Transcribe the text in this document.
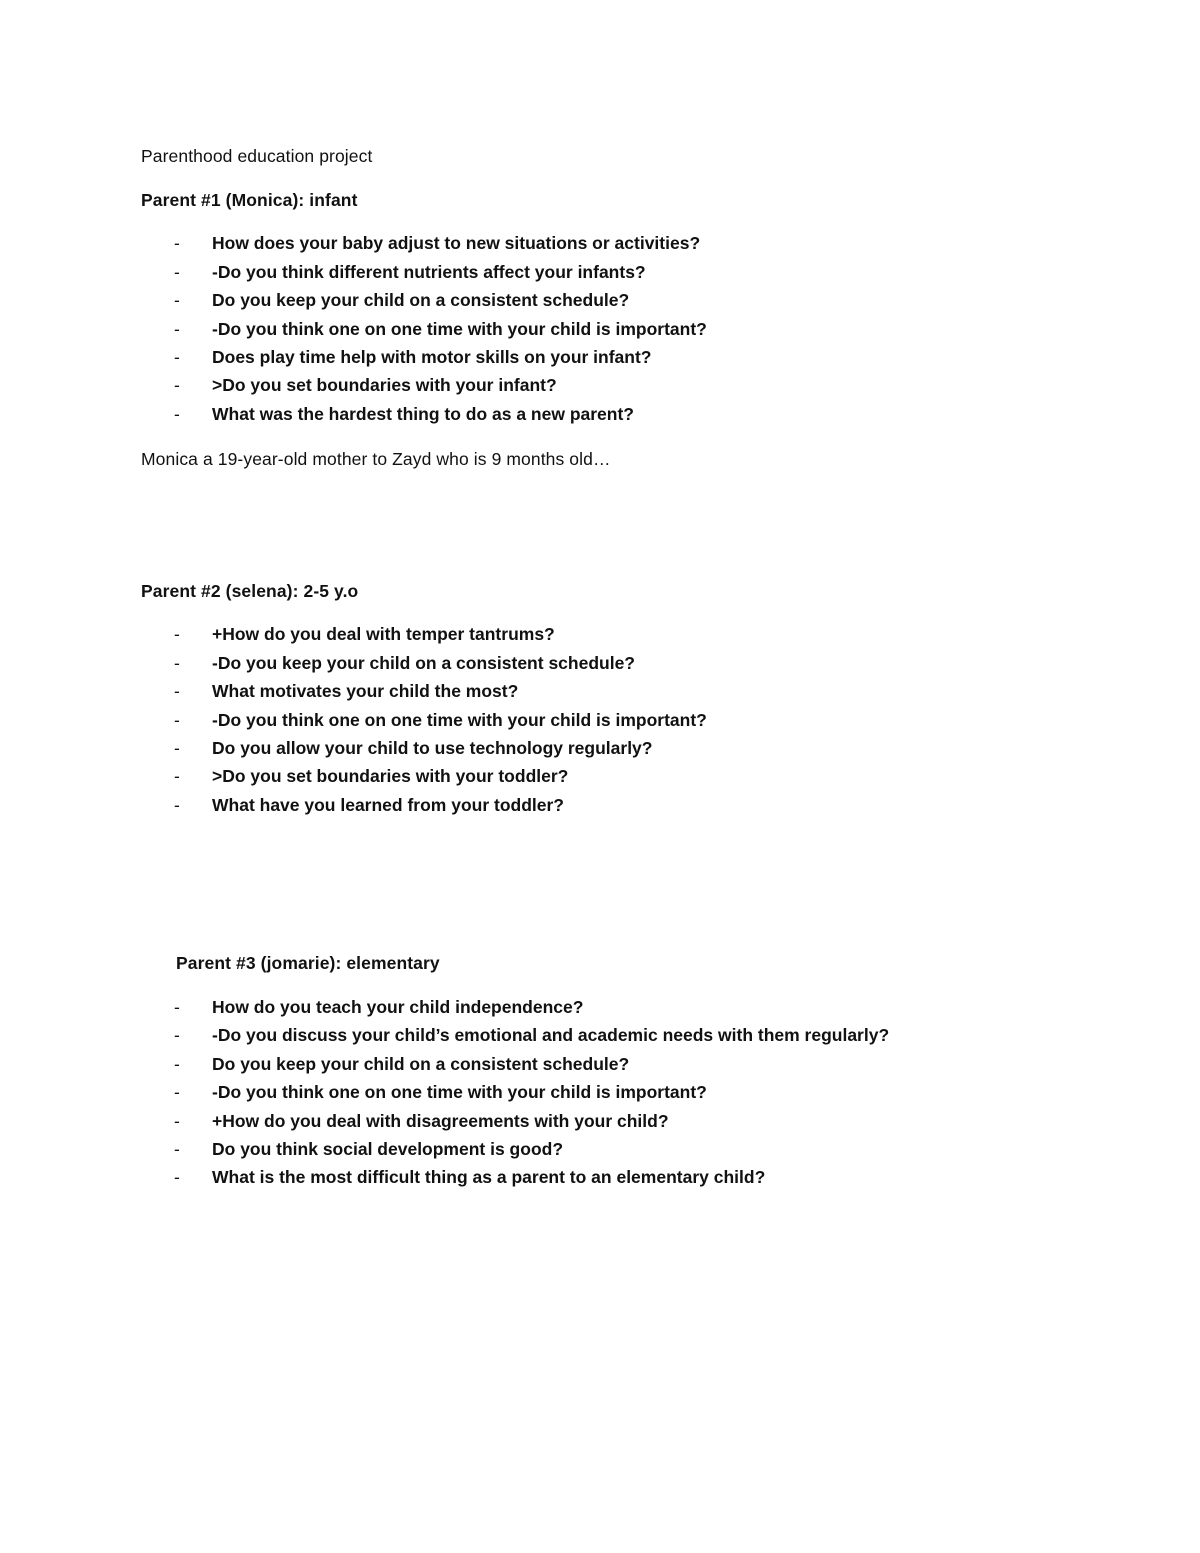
Parenthood education project
Parent #1 (Monica): infant
- How does your baby adjust to new situations or activities?
- -Do you think different nutrients affect your infants?
- Do you keep your child on a consistent schedule?
- -Do you think one on one time with your child is important?
- Does play time help with motor skills on your infant?
- >Do you set boundaries with your infant?
- What was the hardest thing to do as a new parent?
Monica a 19-year-old mother to Zayd who is 9 months old…
Parent #2 (selena): 2-5 y.o
- +How do you deal with temper tantrums?
- -Do you keep your child on a consistent schedule?
- What motivates your child the most?
- -Do you think one on one time with your child is important?
- Do you allow your child to use technology regularly?
- >Do you set boundaries with your toddler?
- What have you learned from your toddler?
Parent #3 (jomarie): elementary
- How do you teach your child independence?
- -Do you discuss your child’s emotional and academic needs with them regularly?
- Do you keep your child on a consistent schedule?
- -Do you think one on one time with your child is important?
- +How do you deal with disagreements with your child?
- Do you think social development is good?
- What is the most difficult thing as a parent to an elementary child?
